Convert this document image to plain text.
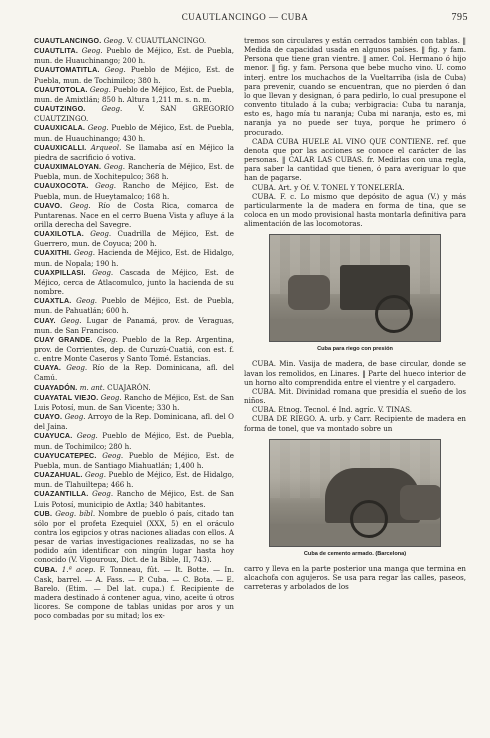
CUAUTLANCINGO — CUBA	795
CUAUTLANCINGO. Geog. V. CUAUTLANCINGO.
CUAUTLITA. Geog. Pueblo de Méjico, Est. de Puebla, mun. de Huauchinango; 200 h.
CUAUTOMATITLA. Geog. Pueblo de Méjico, Est. de Puebla, mun. de Tochimilco; 380 h.
CUAUTOTOLA. Geog. Pueblo de Méjico, Est. de Puebla, mun. de Amixtlán; 850 h. Altura 1,211 m. s. n. m.
CUAUTZINGO. Geog. V. SAN GREGORIO CUAUTZINGO.
CUAUXICALA. Geog. Pueblo de Méjico, Est. de Puebla, mun. de Huauchinango; 430 h.
CUAUXICALLI. Arqueol. Se llamaba así en Méjico la piedra de sacrificio ó votiva.
CUAUXIMALOYAN. Geog. Ranchería de Méjico, Est. de Puebla, mun. de Xochitepulco; 368 h.
CUAUXOCOTA. Geog. Rancho de Méjico, Est. de Puebla, mun. de Hueytamalco; 168 h.
CUAVO. Geog. Río de Costa Rica, comarca de Puntarenas. Nace en el cerro Buena Vista y afluye á la orilla derecha del Savegre.
CUAXILOTLA. Geog. Cuadrilla de Méjico, Est. de Guerrero, mun. de Coyuca; 200 h.
CUAXITHI. Geog. Hacienda de Méjico, Est. de Hidalgo, mun. de Nopala; 190 h.
CUAXPILLASI. Geog. Cascada de Méjico, Est. de Méjico, cerca de Atlacomulco, junto la hacienda de su nombre.
CUAXTLA. Geog. Pueblo de Méjico, Est. de Puebla, mun. de Pahuatlán; 600 h.
CUAY. Geog. Lugar de Panamá, prov. de Veraguas, mun. de San Francisco.
CUAY GRANDE. Geog. Pueblo de la Rep. Argentina, prov. de Corrientes, dep. de Curuzú-Cuatiá, con est. f. c. entre Monte Caseros y Santo Tomé. Estancias.
CUAYA. Geog. Río de la Rep. Dominicana, afl. del Camú.
CUAYADÓN. m. ant. CUAJARÓN.
CUAYATAL VIEJO. Geog. Rancho de Méjico, Est. de San Luis Potosí, mun. de San Vicente; 330 h.
CUAYO. Geog. Arroyo de la Rep. Dominicana, afl. del O del Jaina.
CUAYUCA. Geog. Pueblo de Méjico, Est. de Puebla, mun. de Tochimilco; 280 h.
CUAYUCATEPEC. Geog. Pueblo de Méjico, Est. de Puebla, mun. de Santiago Miahuatlán; 1,400 h.
CUAZAHUAL. Geog. Pueblo de Méjico, Est. de Hidalgo, mun. de Tlahuiltepa; 466 h.
CUAZANTILLA. Geog. Rancho de Méjico, Est. de San Luis Potosí, municipio de Axtla; 340 habitantes.
CUB. Geog. bíbl. Nombre de pueblo ó país, citado tan sólo por el profeta Ezequiel (XXX, 5) en el oráculo contra los egipcios y otras naciones aliadas con ellos. A pesar de varias investigaciones realizadas, no se ha podido aún identificar con ningún lugar hasta hoy conocido (V. Vigouroux, Dict. de la Bible, II, 743).
CUBA. 1.ª acep. F. Tonneau, fût. — It. Botte. — In. Cask, barrel. — A. Fass. — P. Cuba. — C. Bota. — E. Barelo. (Etim. — Del lat. cupa.) f. Recipiente de madera destinado á contener agua, vino, aceite ú otros licores. Se compone de tablas unidas por aros y un poco combadas por su mitad; los ex-
tremos son circulares y están cerrados también con tablas. ‖ Medida de capacidad usada en algunos países. ‖ fig. y fam. Persona que tiene gran vientre. ‖ amer. Col. Hermano ó hijo menor. ‖ fig. y fam. Persona que bebe mucho vino. U. como interj. entre los muchachos de la Vueltarriba (isla de Cuba) para prevenir, cuando se encuentran, que no pierden ó dan lo que llevan y designan, ó para pedirlo, lo cual presupone el convento titulado á la cuba; verbigracia: Cuba tu naranja, esto es, hago mía tu naranja; Cuba mi naranja, esto es, mi naranja ya no puede ser tuya, porque he primero ó procurado.
CADA CUBA HUELE AL VINO QUE CONTIENE. ref. que denota que por las acciones se conoce el carácter de las personas. ‖ CALAR LAS CUBAS. fr. Medirlas con una regla, para saber la cantidad que tienen, ó para averiguar lo que han de pagarse.
CUBA. Art. y Of. V. TONEL Y TONELERÍA.
CUBA. F. c. Lo mismo que depósito de agua (V.) y más particularmente la de madera en forma de tina, que se coloca en un modo provisional hasta montarla definitiva para alimentación de las locomotoras.
Cuba para riego con presión
CUBA. Min. Vasija de madera, de base circular, donde se lavan los remolidos, en Linares. ‖ Parte del hueco interior de un horno alto comprendida entre el vientre y el cargadero.
CUBA. Mit. Divinidad romana que presidía el sueño de los niños.
CUBA. Etnog. Tecnol. é Ind. agríc. V. TINAS.
CUBA DE RIEGO. A. urb. y Carr. Recipiente de madera en forma de tonel, que va montado sobre un
Cuba de cemento armado. (Barcelona)
carro y lleva en la parte posterior una manga que termina en alcachofa con agujeros. Se usa para regar las calles, paseos, carreteras y arbolados de los
